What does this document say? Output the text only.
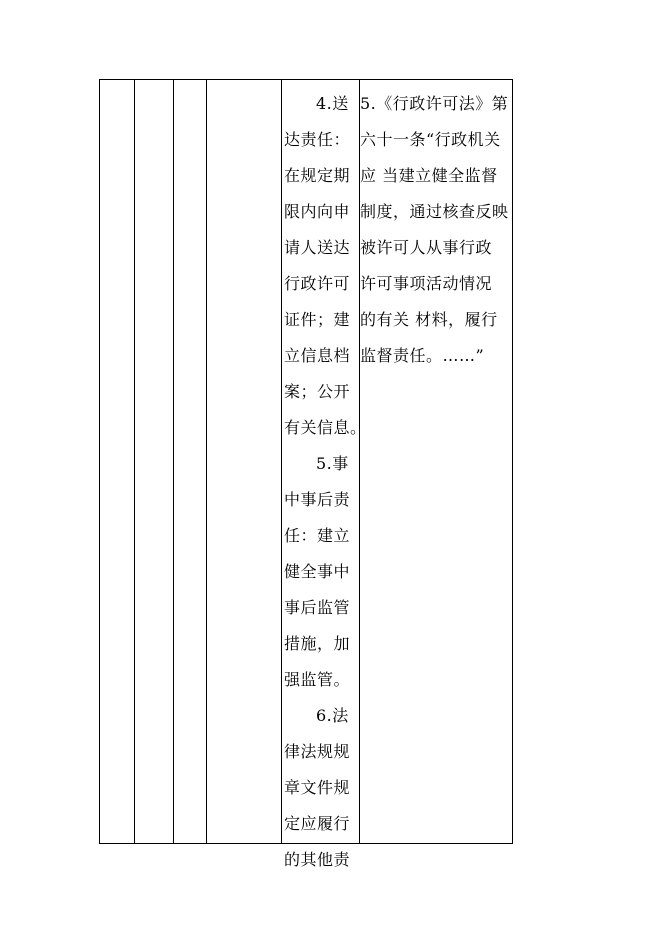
4.送
达责任：
在规定期
限内向申
请人送达
行政许可
证件；建
立信息档
案；公开
有关信息。
5.事
中事后责
任：建立
健全事中
事后监管
措施，加
强监管。
6.法
律法规规
章文件规
定应履行
的其他责
5.《行政许可法》第
六十一条“行政机关
应 当建立健全监督
制度，通过核查反映
被许可人从事行政
许可事项活动情况
的有关 材料，履行
监督责任。……”
